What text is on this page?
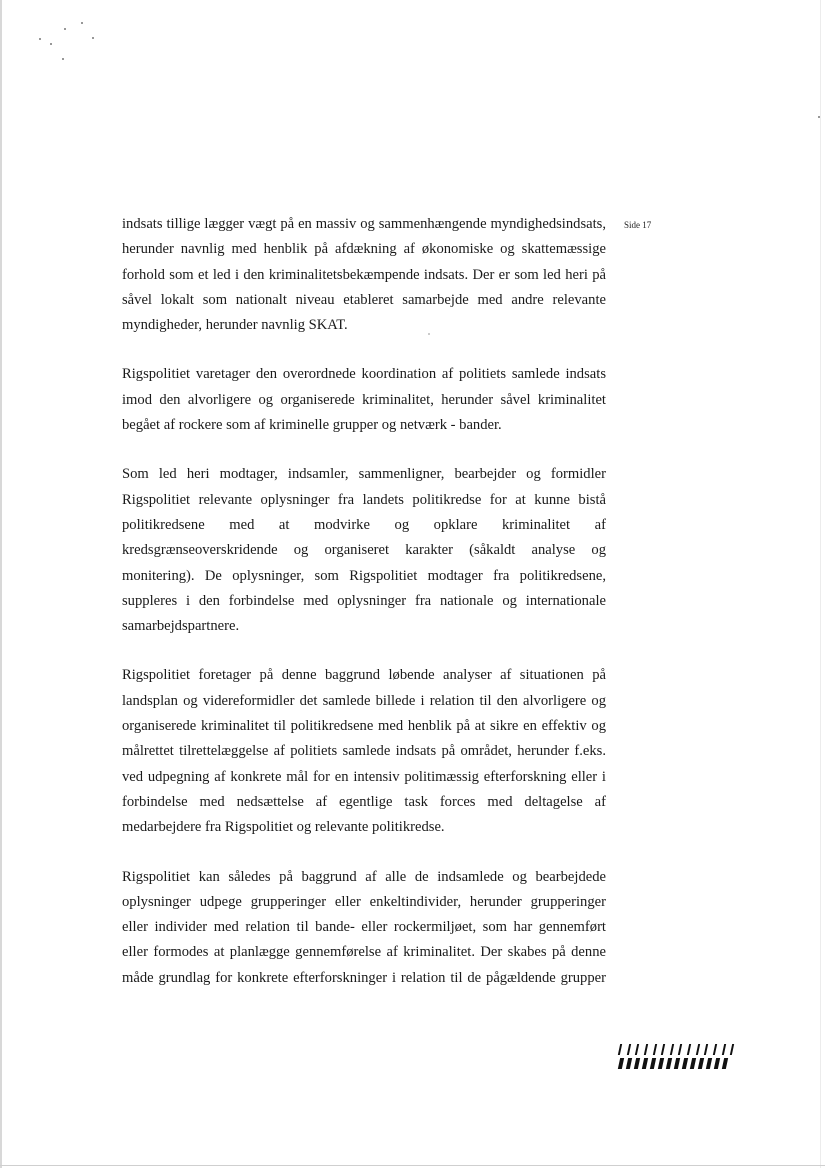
Side 17
indsats tillige lægger vægt på en massiv og sammenhængende myndighedsindsats,
herunder navnlig med henblik på afdækning af økonomiske og skattemæssige
forhold som et led i den kriminalitetsbekæmpende indsats. Der er som led heri på
såvel lokalt som nationalt niveau etableret samarbejde med andre relevante
myndigheder, herunder navnlig SKAT.
Rigspolitiet varetager den overordnede koordination af politiets samlede indsats
imod den alvorligere og organiserede kriminalitet, herunder såvel kriminalitet
begået af rockere som af kriminelle grupper og netværk - bander.
Som led heri modtager, indsamler, sammenligner, bearbejder og formidler
Rigspolitiet relevante oplysninger fra landets politikredse for at kunne bistå
politikredsene med at modvirke og opklare kriminalitet af
kredsgrænseoverskridende og organiseret karakter (såkaldt analyse og
monitering). De oplysninger, som Rigspolitiet modtager fra politikredsene,
suppleres i den forbindelse med oplysninger fra nationale og internationale
samarbejdspartnere.
Rigspolitiet foretager på denne baggrund løbende analyser af situationen på
landsplan og videreformidler det samlede billede i relation til den alvorligere og
organiserede kriminalitet til politikredsene med henblik på at sikre en effektiv og
målrettet tilrettelæggelse af politiets samlede indsats på området, herunder f.eks.
ved udpegning af konkrete mål for en intensiv politimæssig efterforskning eller i
forbindelse med nedsættelse af egentlige task forces med deltagelse af
medarbejdere fra Rigspolitiet og relevante politikredse.
Rigspolitiet kan således på baggrund af alle de indsamlede og bearbejdede
oplysninger udpege grupperinger eller enkeltindivider, herunder grupperinger
eller individer med relation til bande- eller rockermiljøet, som har gennemført
eller formodes at planlægge gennemførelse af kriminalitet. Der skabes på denne
måde grundlag for konkrete efterforskninger i relation til de pågældende grupper
